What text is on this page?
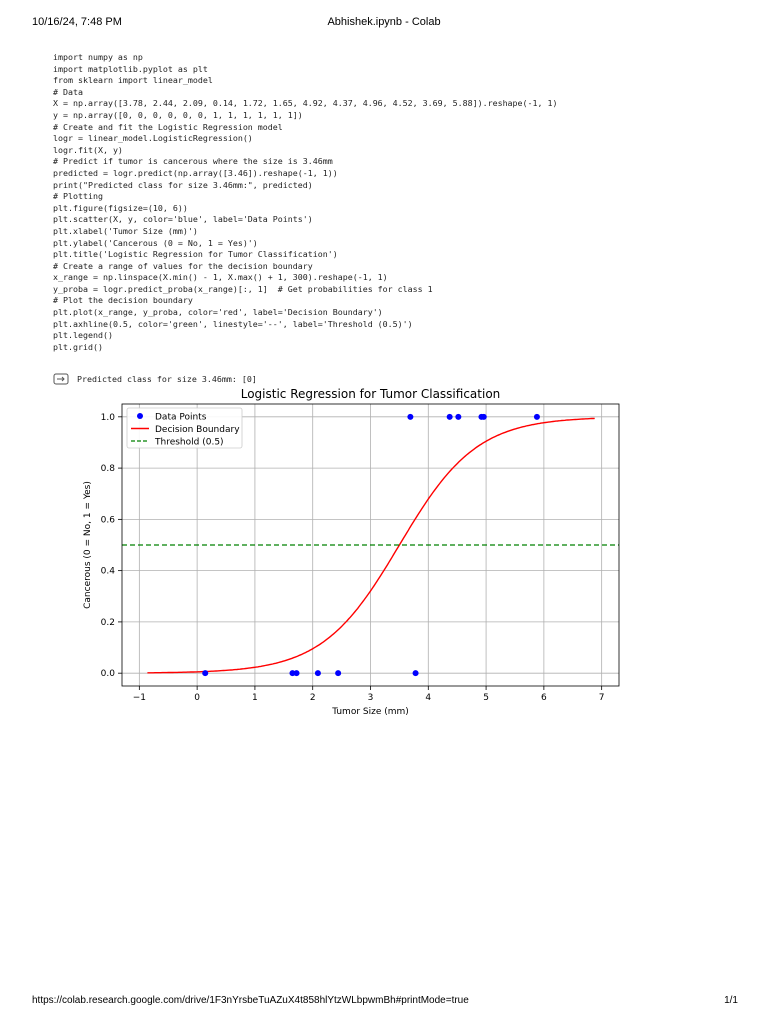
10/16/24, 7:48 PM	Abhishek.ipynb - Colab
import numpy as np
import matplotlib.pyplot as plt
from sklearn import linear_model
# Data
X = np.array([3.78, 2.44, 2.09, 0.14, 1.72, 1.65, 4.92, 4.37, 4.96, 4.52, 3.69, 5.88]).reshape(-1, 1)
y = np.array([0, 0, 0, 0, 0, 0, 1, 1, 1, 1, 1, 1])
# Create and fit the Logistic Regression model
logr = linear_model.LogisticRegression()
logr.fit(X, y)
# Predict if tumor is cancerous where the size is 3.46mm
predicted = logr.predict(np.array([3.46]).reshape(-1, 1))
print("Predicted class for size 3.46mm:", predicted)
# Plotting
plt.figure(figsize=(10, 6))
plt.scatter(X, y, color='blue', label='Data Points')
plt.xlabel('Tumor Size (mm)')
plt.ylabel('Cancerous (0 = No, 1 = Yes)')
plt.title('Logistic Regression for Tumor Classification')
# Create a range of values for the decision boundary
x_range = np.linspace(X.min() - 1, X.max() + 1, 300).reshape(-1, 1)
y_proba = logr.predict_proba(x_range)[:, 1]  # Get probabilities for class 1
# Plot the decision boundary
plt.plot(x_range, y_proba, color='red', label='Decision Boundary')
plt.axhline(0.5, color='green', linestyle='--', label='Threshold (0.5)')
plt.legend()
plt.grid()
Predicted class for size 3.46mm: [0]
−1	0	1	2	3	4	5	6	7
0.0
0.2
0.4
0.6
0.8
1.0
Logistic Regression for Tumor Classification
Tumor Size (mm)
Cancerous (0 = No, 1 = Yes)
Data Points
Decision Boundary
Threshold (0.5)
https://colab.research.google.com/drive/1F3nYrsbeTuAZuX4t858hlYtzWLbpwmBh#printMode=true	1/1
